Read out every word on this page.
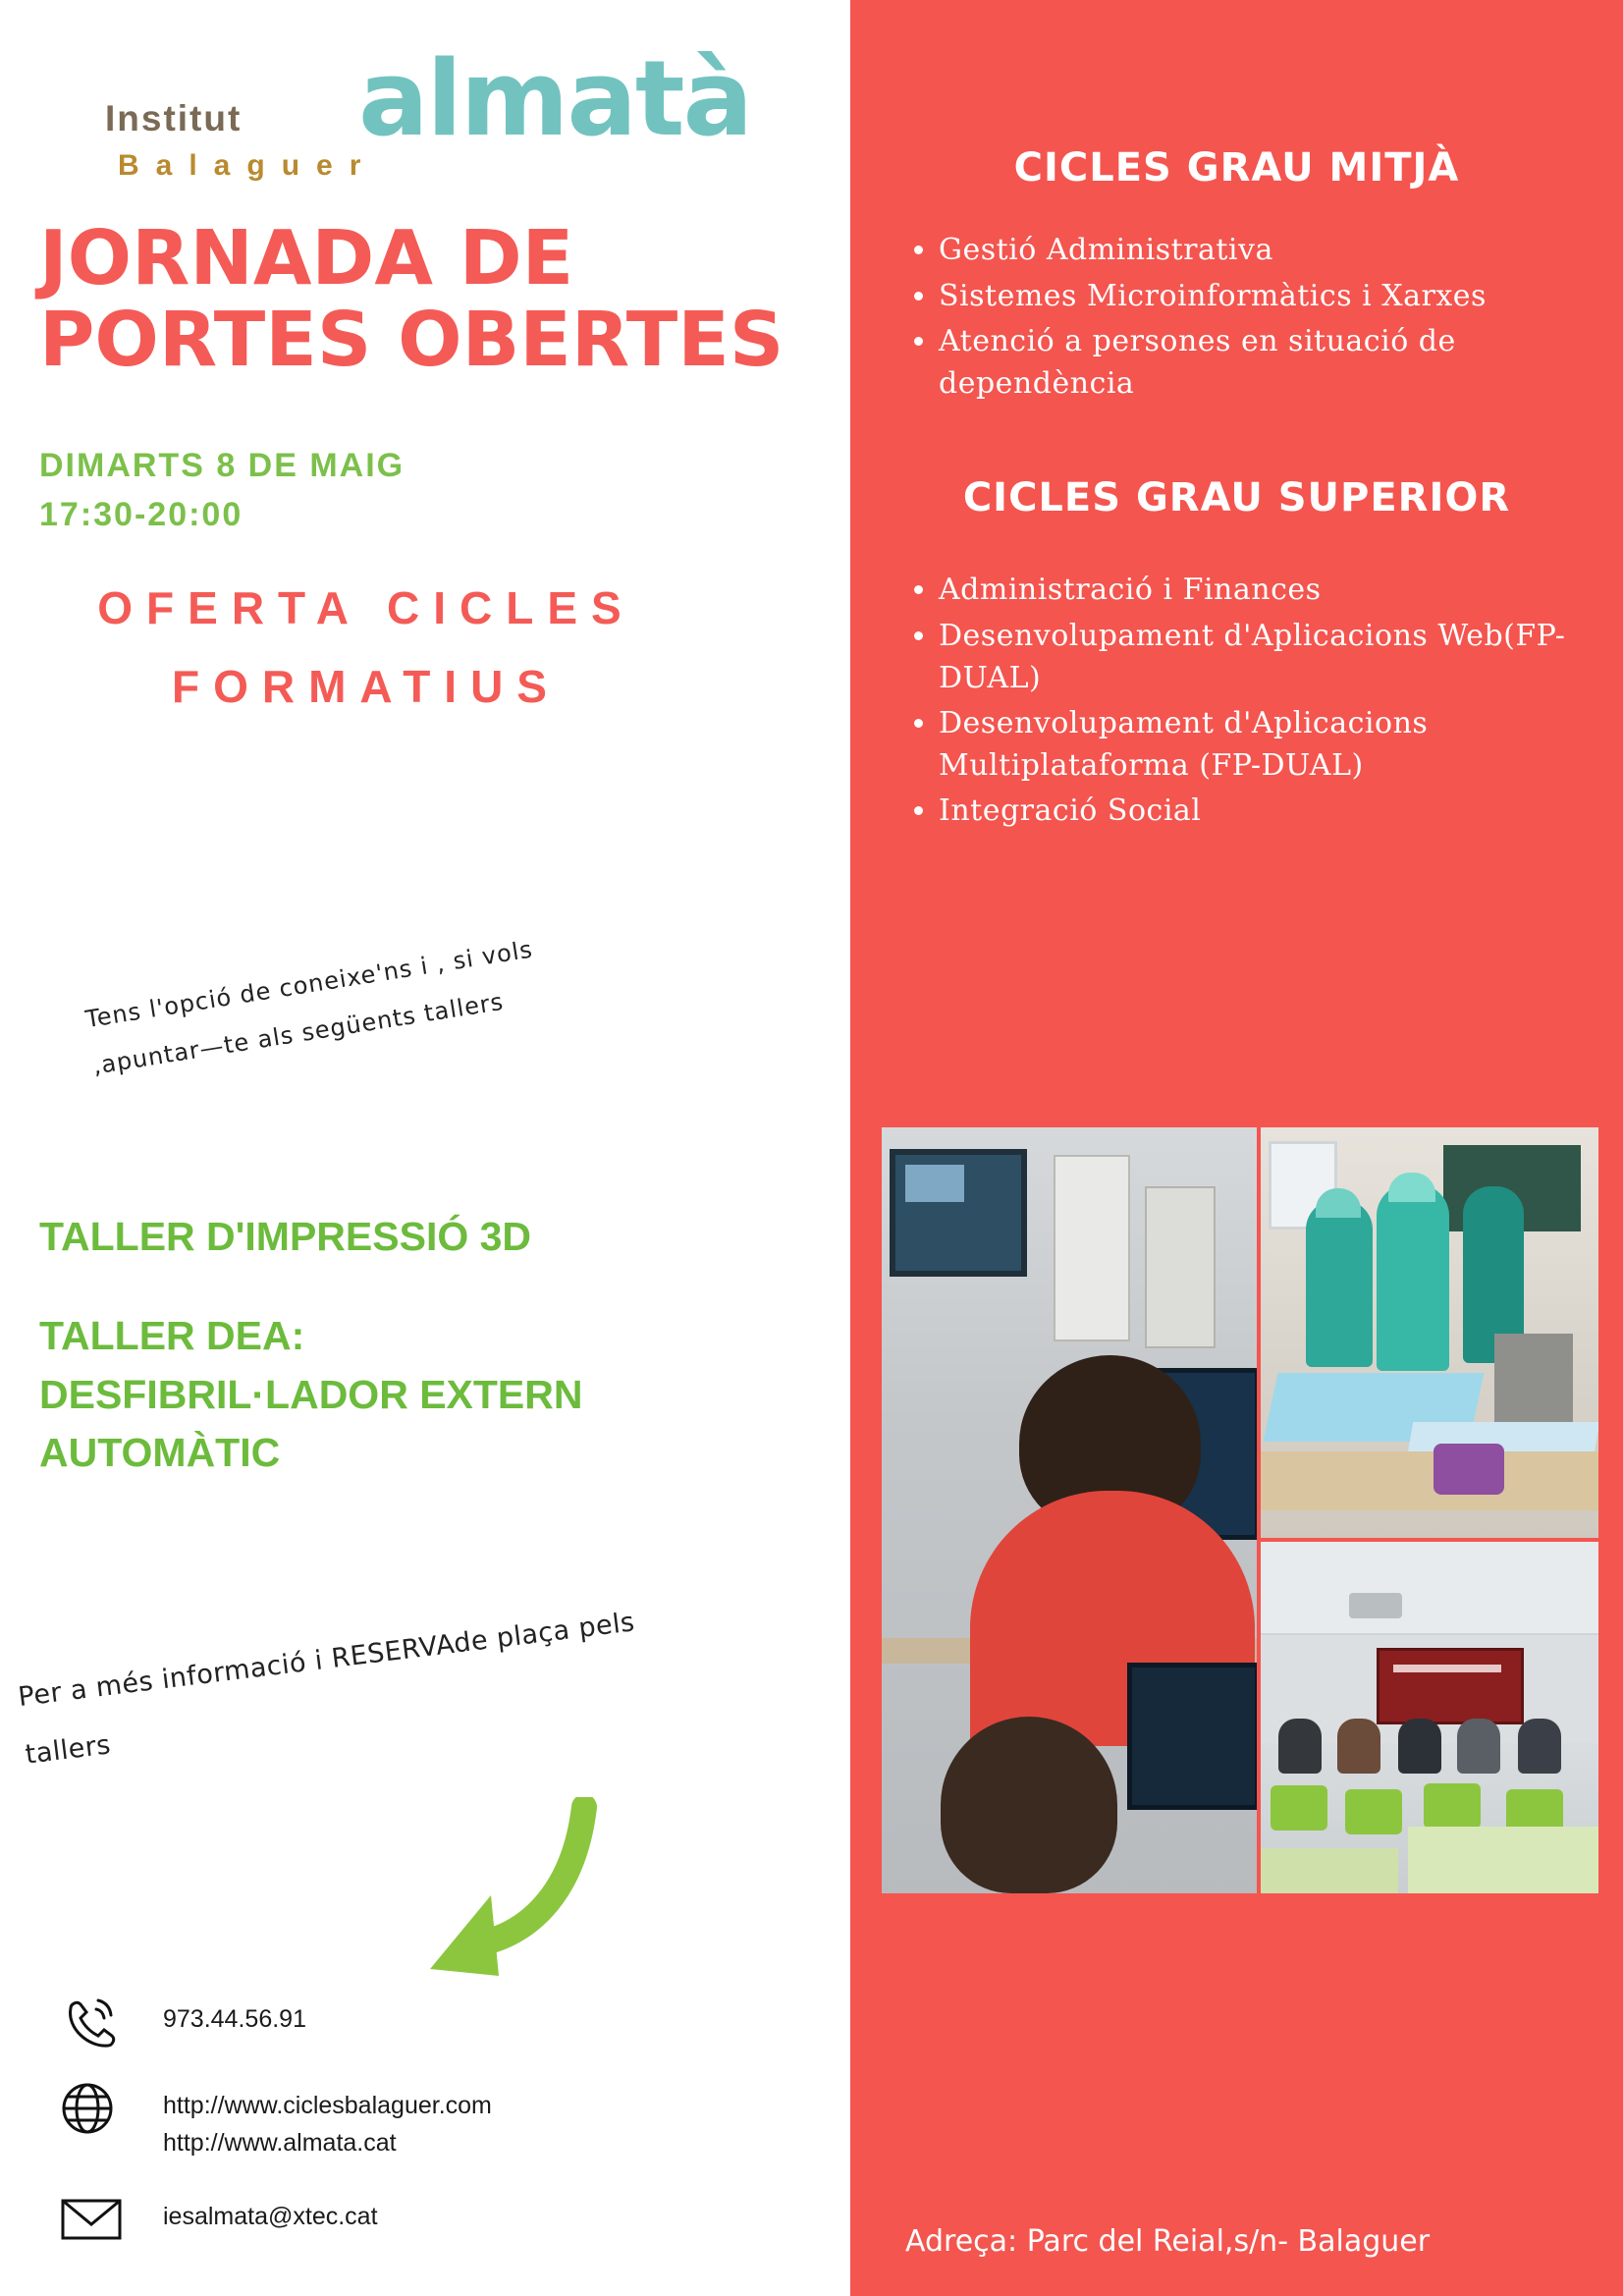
Institut almatà
Balaguer
JORNADA DE
PORTES OBERTES
DIMARTS 8 DE MAIG
17:30-20:00
OFERTA CICLES
FORMATIUS
Tens l'opció de coneixe'ns i , si vols ,apuntar—te als següents tallers
TALLER D'IMPRESSIÓ 3D
TALLER DEA:
DESFIBRIL·LADOR EXTERN
AUTOMÀTIC
Per a més informació i RESERVAde plaça pels tallers
973.44.56.91
http://www.ciclesbalaguer.com
http://www.almata.cat
iesalmata@xtec.cat
CICLES GRAU MITJÀ
• Gestió Administrativa
• Sistemes Microinformàtics i Xarxes
• Atenció a persones en situació de dependència
CICLES GRAU SUPERIOR
• Administració i Finances
• Desenvolupament d'Aplicacions Web(FP-DUAL)
• Desenvolupament d'Aplicacions Multiplataforma (FP-DUAL)
• Integració Social
Adreça: Parc del Reial,s/n- Balaguer
